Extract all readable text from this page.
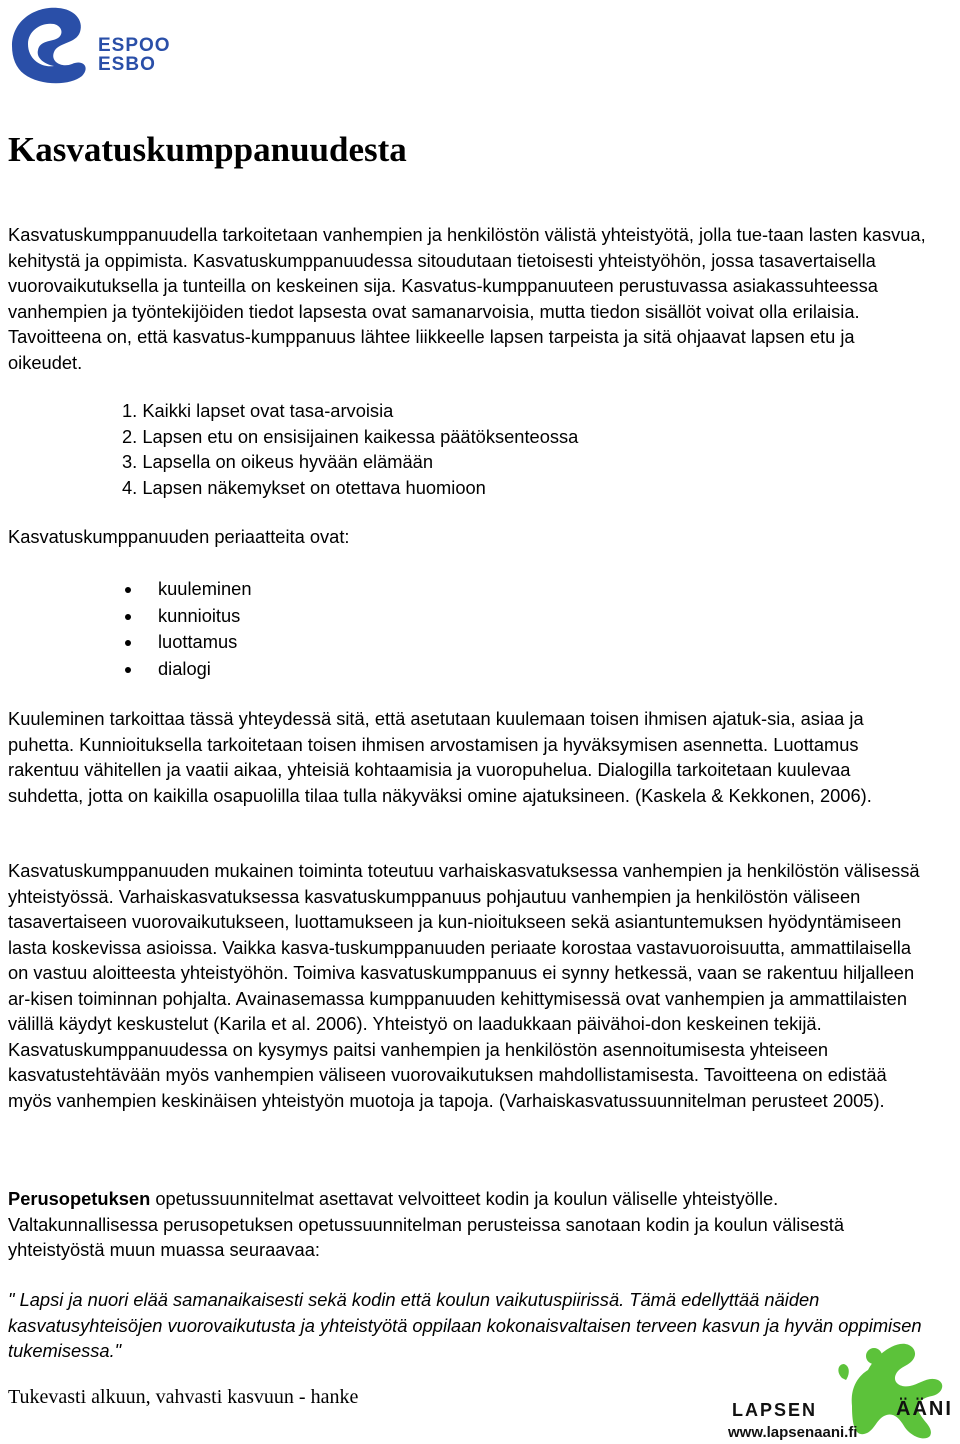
ESPOO
ESBO
Kasvatuskumppanuudesta

Kasvatuskumppanuudella tarkoitetaan vanhempien ja henkilöstön välistä yhteistyötä, jolla tue-taan lasten kasvua, kehitystä ja oppimista. Kasvatuskumppanuudessa sitoudutaan tietoisesti yhteistyöhön, jossa tasavertaisella vuorovaikutuksella ja tunteilla on keskeinen sija. Kasvatus-kumppanuuteen perustuvassa asiakassuhteessa vanhempien ja työntekijöiden tiedot lapsesta ovat samanarvoisia, mutta tiedon sisällöt voivat olla erilaisia. Tavoitteena on, että kasvatus-kumppanuus lähtee liikkeelle lapsen tarpeista ja sitä ohjaavat lapsen etu ja oikeudet.

1. Kaikki lapset ovat tasa-arvoisia
2. Lapsen etu on ensisijainen kaikessa päätöksenteossa
3. Lapsella on oikeus hyvään elämään
4. Lapsen näkemykset on otettava huomioon

Kasvatuskumppanuuden periaatteita ovat:

kuuleminen
kunnioitus
luottamus
dialogi

Kuuleminen tarkoittaa tässä yhteydessä sitä, että asetutaan kuulemaan toisen ihmisen ajatuk-sia, asiaa ja puhetta. Kunnioituksella tarkoitetaan toisen ihmisen arvostamisen ja hyväksymisen asennetta. Luottamus rakentuu vähitellen ja vaatii aikaa, yhteisiä kohtaamisia ja vuoropuhelua. Dialogilla tarkoitetaan kuulevaa suhdetta, jotta on kaikilla osapuolilla tilaa tulla näkyväksi omine ajatuksineen. (Kaskela & Kekkonen, 2006).

Kasvatuskumppanuuden mukainen toiminta toteutuu varhaiskasvatuksessa vanhempien ja henkilöstön välisessä yhteistyössä. Varhaiskasvatuksessa kasvatuskumppanuus pohjautuu vanhempien ja henkilöstön väliseen tasavertaiseen vuorovaikutukseen, luottamukseen ja kun-nioitukseen sekä asiantuntemuksen hyödyntämiseen lasta koskevissa asioissa. Vaikka kasva-tuskumppanuuden periaate korostaa vastavuoroisuutta, ammattilaisella on vastuu aloitteesta yhteistyöhön. Toimiva kasvatuskumppanuus ei synny hetkessä, vaan se rakentuu hiljalleen ar-kisen toiminnan pohjalta. Avainasemassa kumppanuuden kehittymisessä ovat vanhempien ja ammattilaisten välillä käydyt keskustelut (Karila et al. 2006). Yhteistyö on laadukkaan päivähoi-don keskeinen tekijä. Kasvatuskumppanuudessa on kysymys paitsi vanhempien ja henkilöstön asennoitumisesta yhteiseen kasvatustehtävään myös vanhempien väliseen vuorovaikutuksen mahdollistamisesta. Tavoitteena on edistää myös vanhempien keskinäisen yhteistyön muotoja ja tapoja. (Varhaiskasvatussuunnitelman perusteet 2005).

Perusopetuksen opetussuunnitelmat asettavat velvoitteet kodin ja koulun väliselle yhteistyölle. Valtakunnallisessa perusopetuksen opetussuunnitelman perusteissa sanotaan kodin ja koulun välisestä yhteistyöstä muun muassa seuraavaa:

" Lapsi ja nuori elää samanaikaisesti sekä kodin että koulun vaikutuspiirissä. Tämä edellyttää näiden kasvatusyhteisöjen vuorovaikutusta ja yhteistyötä oppilaan kokonaisvaltaisen terveen kasvun ja hyvän oppimisen tukemisessa."

Tukevasti alkuun, vahvasti kasvuun - hanke
LAPSEN	ÄÄNI
www.lapsenaani.fi
